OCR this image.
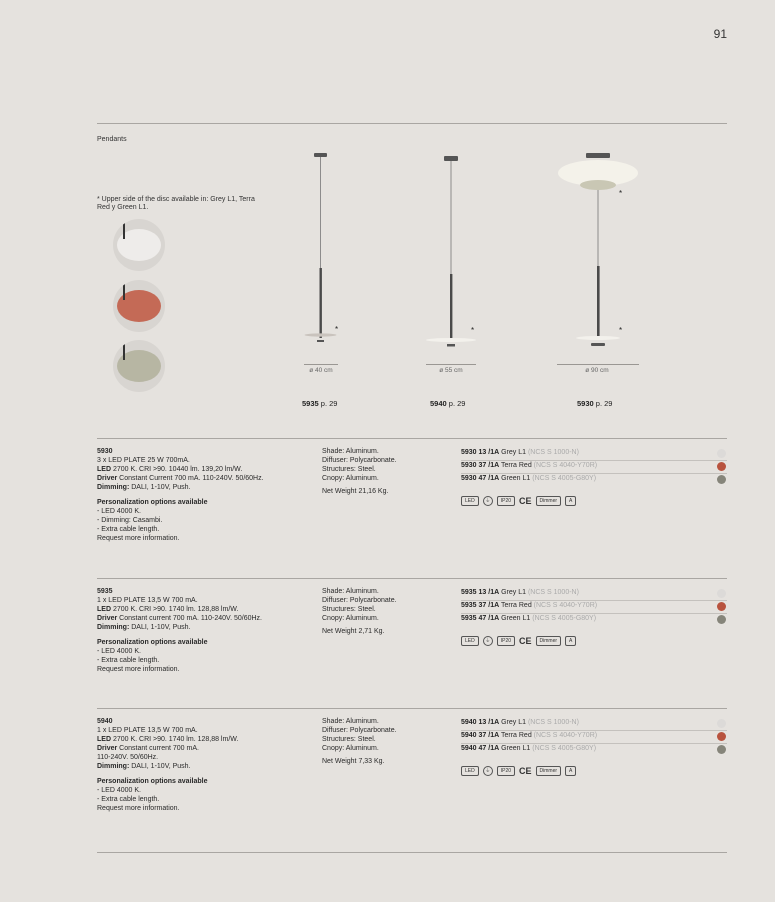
91
Pendants
* Upper side of the disc available in: Grey L1, Terra Red y Green L1.
*	*
*
*
ø 40 cm	ø 55 cm	ø 90 cm
5935 p. 29	5940 p. 29	5930 p. 29
5930
3 x LED PLATE 25 W 700mA.
LED 2700 K. CRI >90. 10440 lm. 139,20 lm/W.
Driver Constant Current 700 mA. 110-240V. 50/60Hz.
Dimming: DALI, 1-10V, Push.
Personalization options available
- LED 4000 K.
- Dimming: Casambi.
- Extra cable length.
Request more information.
Shade: Aluminum.
Diffuser: Polycarbonate.
Structures: Steel.
Cnopy: Aluminum.
Net Weight 21,16 Kg.
5935
1 x LED PLATE 13,5 W 700 mA.
LED 2700 K. CRI >90. 1740 lm. 128,88 lm/W.
Driver Constant current 700 mA. 110-240V. 50/60Hz.
Dimming: DALI, 1-10V, Push.
Personalization options available
- LED 4000 K.
- Extra cable length.
Request more information.
Shade: Aluminum.
Diffuser: Polycarbonate.
Structures: Steel.
Cnopy: Aluminum.
Net Weight 2,71 Kg.
5940
1 x LED PLATE 13,5 W 700 mA.
LED 2700 K. CRI >90. 1740 lm. 128,88 lm/W.
Driver Constant current 700 mA.
110-240V. 50/60Hz.
Dimming: DALI, 1-10V, Push.
Personalization options available
- LED 4000 K.
- Extra cable length.
Request more information.
Shade: Aluminum.
Diffuser: Polycarbonate.
Structures: Steel.
Cnopy: Aluminum.
Net Weight 7,33 Kg.
5930 13 /1A Grey L1 (NCS S 1000-N)
5930 37 /1A Terra Red (NCS S 4040-Y70R)
5930 47 /1A Green L1 (NCS S 4005-G80Y)
5935 13 /1A Grey L1 (NCS S 1000-N)
5935 37 /1A Terra Red (NCS S 4040-Y70R)
5935 47 /1A Green L1 (NCS S 4005-G80Y)
5940 13 /1A Grey L1 (NCS S 1000-N)
5940 37 /1A Terra Red (NCS S 4040-Y70R)
5940 47 /1A Green L1 (NCS S 4005-G80Y)
LED	⏚	IP20 CE	Dimmer	A
LED	⏚	IP20 CE	Dimmer	A
LED	⏚	IP20 CE	Dimmer	A
